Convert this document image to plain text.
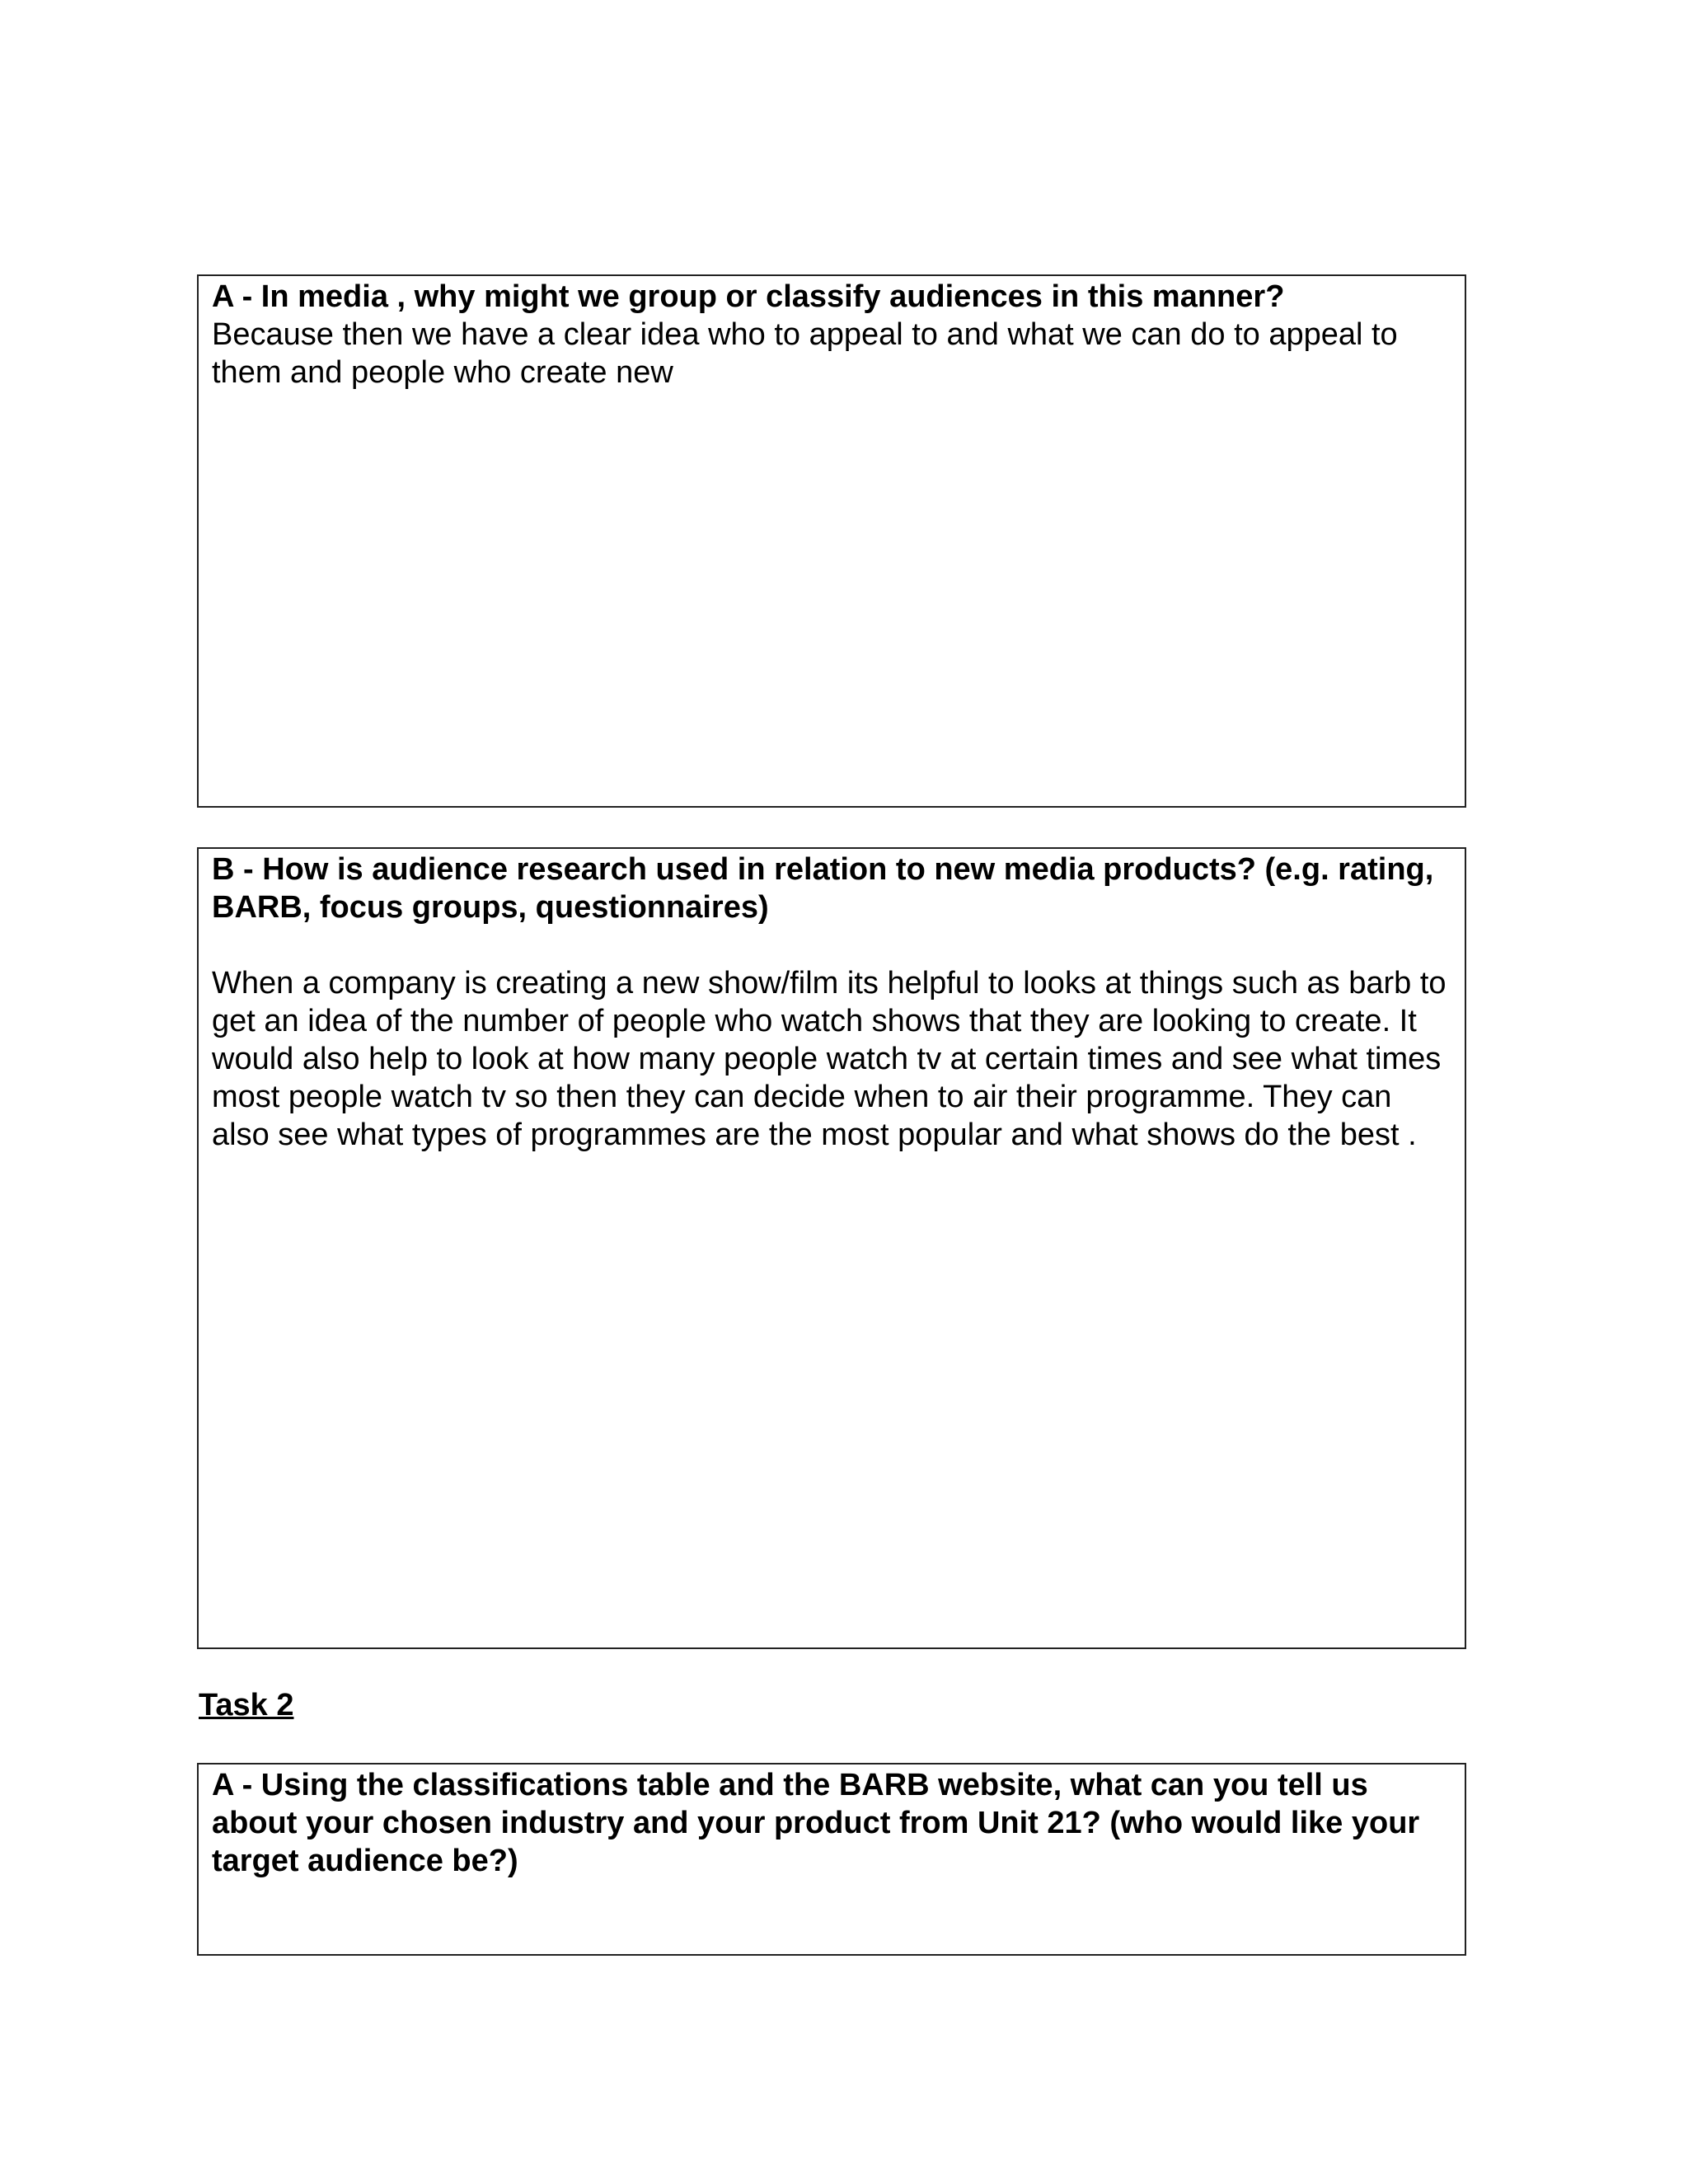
A - In media , why might we group or classify audiences in this manner?

Because then we have a clear idea who to appeal to and what we can do to appeal to them and people who create new

B - How is audience research used in relation to new media products? (e.g. rating, BARB, focus groups, questionnaires)

When a company is creating a new show/film its helpful to looks at things such as barb to get an idea of the number of people who watch shows that they are looking to create. It would also help to look at how many people watch tv at certain times and see what times most people watch tv so then they can decide when to air their programme. They can also see what types of programmes are the most popular and what shows do the best .

Task 2

A - Using the classifications table and the BARB website, what can you tell us about your chosen industry and your product from Unit 21? (who would like your target audience be?)
